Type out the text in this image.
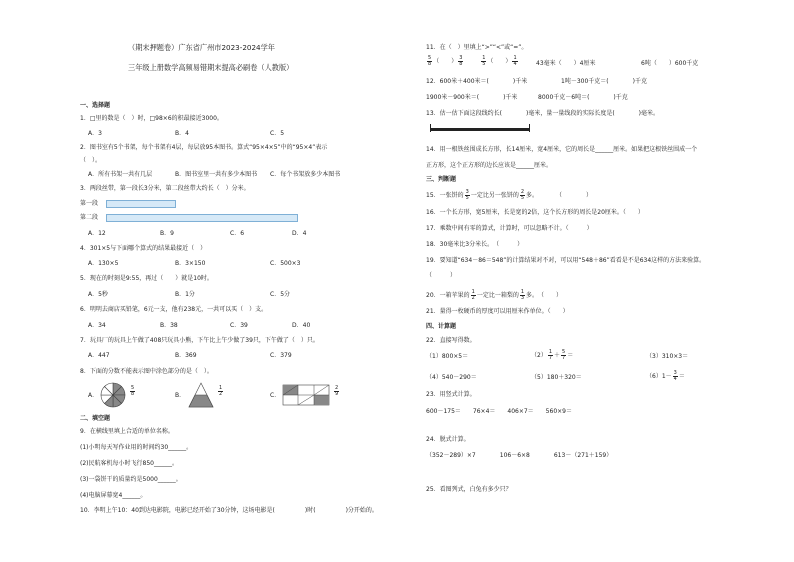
（期末押题卷）广东省广州市2023-2024学年
三年级上册数学高频易错期末提高必刷卷（人教版）
一、选择题
1．□里的数是（　）时，□98×6的积最接近3000。
A．3	B．4	C．5
2．图书室有5个书架，每个书架有4层，每层放95本图书。算式“95×4×5”中的“95×4”表示
（　）。
A．所有书架一共有几层	B．图书室里一共有多少本图书 C．每个书架放多少本图书
3．两段丝带，第一段长3分米，第二段丝带大约长（　）分米。
第一段
第二段
A．12	B．9	C．6	D．4
4．301×5与下面哪个算式的结果最接近（　）
A．130×5	B．3×150	C．500×3
5．现在的时刻是9:55，再过（　　）就是10时。
A．5秒	B．1分	C．5分
6．明明去商店买铅笔，6元一支，他有238元，一共可以买（　）支。
A．34	B．38	C．39	D．40
7．玩具厂的玩具上午做了408只玩具小熊，下午比上午少做了39只，下午做了（　）只。
A．447	B．369	C．379
8．下面的分数不能表示图中涂色部分的是（　）。
A．	$\frac{5}{8}$	B．	$\frac{1}{2}$	C．	$\frac{2}{9}$
二、填空题
9．在横线里填上合适的单位名称。
(1)小明每天写作业用的时间约30______。
(2)民航客机每小时飞行850______。
(3)一袋饼干的质量约是5000______。
(4)电脑屏幕宽4______。
10．李明上午10：40到达电影院，电影已经开始了30分钟，这场电影是(　　　　　)时(　　　　　)分开始的。
11．在（　）里填上“>”“<”或“=”。
$\frac{5}{8}$ （　　） $\frac{3}{8}$
	$\frac{1}{5}$ （　　） $\frac{1}{4}$	43毫米（　　）4厘米	6吨（　　）600千克
12．600米＋400米＝(　　　　)千米	1吨－300千克＝(　　　　)千克
1900米－900米＝(　　　　)千米	8000千克－6吨＝(　　　　)千克
13．估一估下面这段线约长(　　　　)毫米，量一量线段的实际长度是(　　　　)毫米。
14．用一根铁丝围成长方形，长14厘米，宽4厘米，它的周长是______厘米。如果把这根铁丝围成一个
正方形，这个正方形的边长应该是______厘米。
三、判断题
15．一张饼的 $\frac{3}{5}$ 一定比另一张饼的 $\frac{2}{5}$ 多。　　　　（　　　　）
16．一个长方形，宽5厘米，长是宽的2倍，这个长方形的周长是20厘米。（　　）
17．乘数中间有零的算式，计算时，可以忽略不计。（　　　）
18．30毫米比3分米长。　（　　　）
19．要知道“634－86＝548”的计算结果对不对，可以用“548＋86”看看是不是634这样的方法来验算。
（　　　）
20．一箱苹果的 $\frac{1}{2}$ 一定比一箱梨的 $\frac{1}{3}$ 多。　（　　）
21．量得一枚硬币的厚度可以用厘米作单位。（　　）
四、计算题
22．直接写得数。
（1）800×5＝	$(2) \frac{1}{7} + \frac{5}{7}$ ＝	（3）310×3＝
（4）540－290＝	（5）180＋320＝	$(6)1- \frac{3}{4}$ ＝
23．用竖式计算。
600－175＝　　76×4＝　　406×7＝　　560×9＝
24．脱式计算。
（352－289）×7　　　　106－6×8　　　　613－（271＋159）
25．看图列式，白兔有多少只？
